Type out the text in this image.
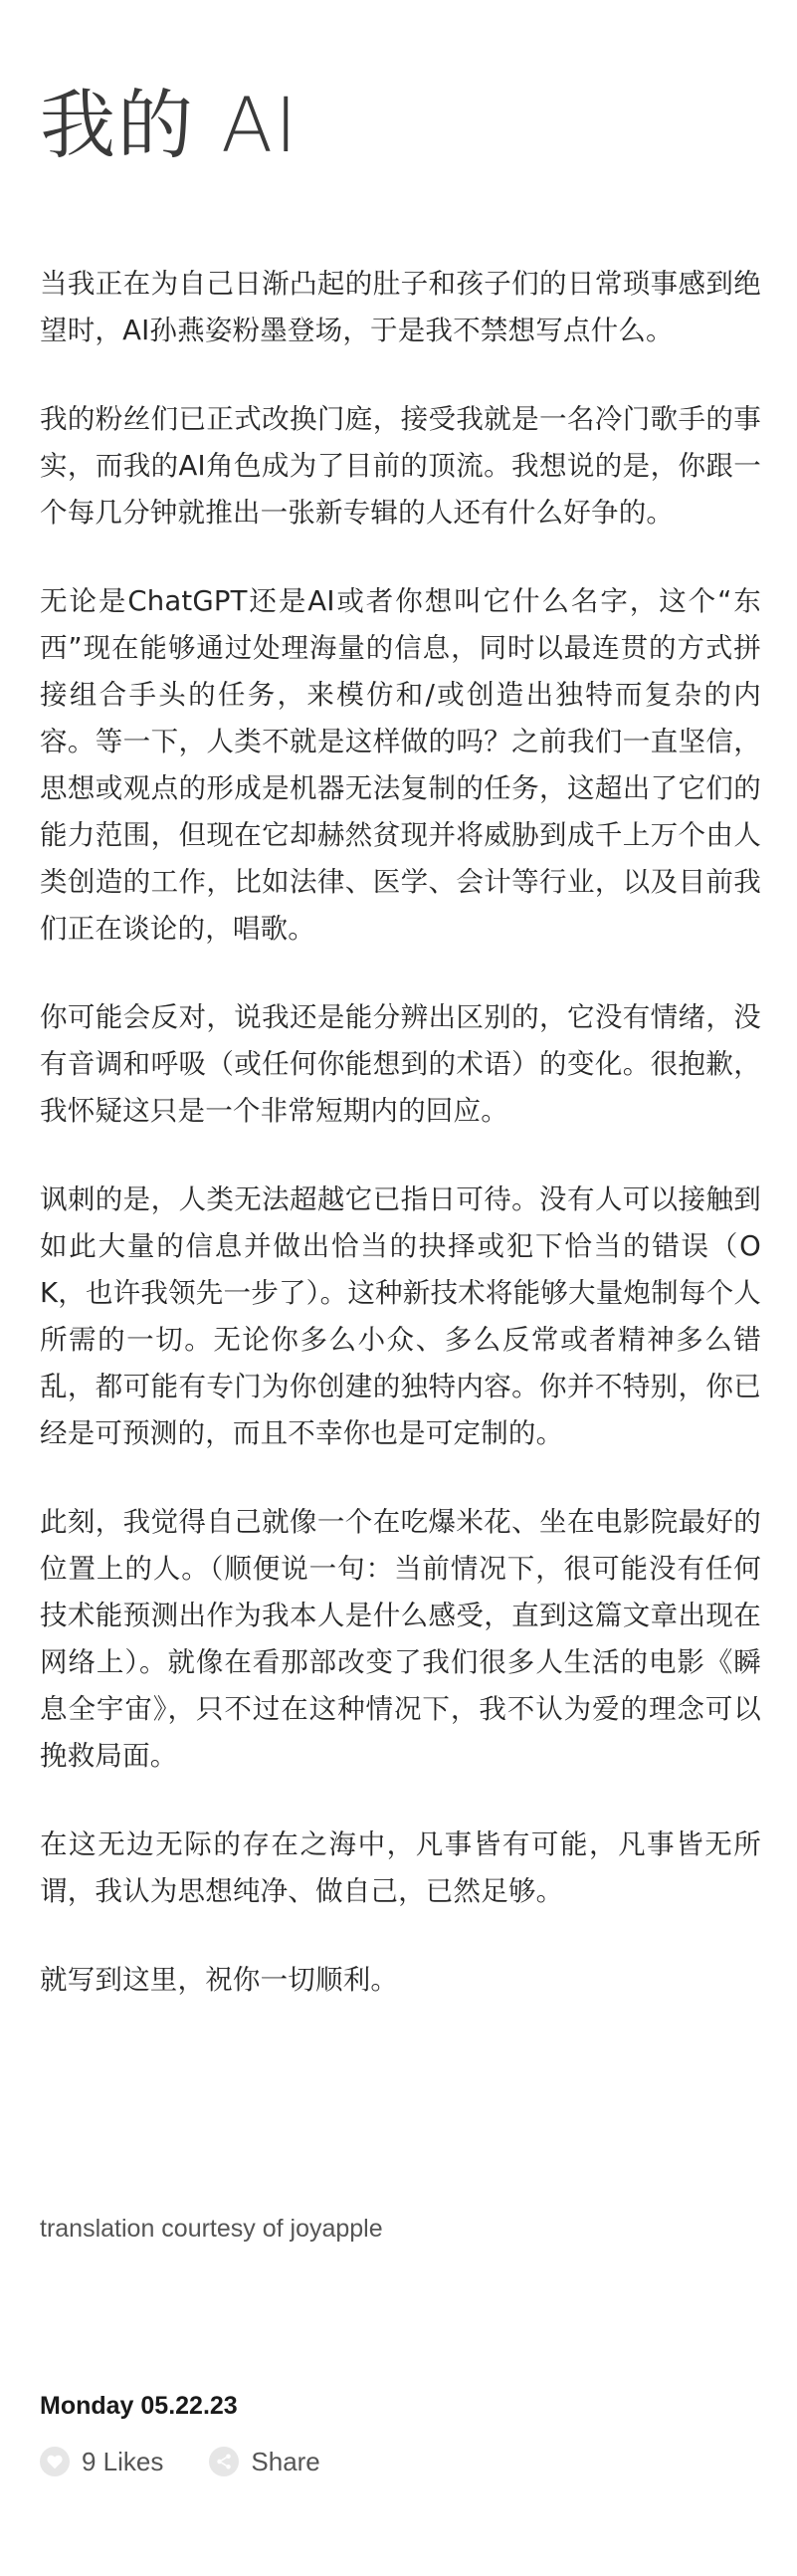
我的 AI

当我正在为自己日渐凸起的肚子和孩子们的日常琐事感到绝望时，AI孙燕姿粉墨登场，于是我不禁想写点什么。

我的粉丝们已正式改换门庭，接受我就是一名冷门歌手的事实，而我的AI角色成为了目前的顶流。我想说的是，你跟一个每几分钟就推出一张新专辑的人还有什么好争的。

无论是ChatGPT还是AI或者你想叫它什么名字，这个“东西”现在能够通过处理海量的信息，同时以最连贯的方式拼接组合手头的任务，来模仿和/或创造出独特而复杂的内容。等一下，人类不就是这样做的吗？之前我们一直坚信，思想或观点的形成是机器无法复制的任务，这超出了它们的能力范围，但现在它却赫然贫现并将威胁到成千上万个由人类创造的工作，比如法律、医学、会计等行业，以及目前我们正在谈论的，唱歌。

你可能会反对，说我还是能分辨出区别的，它没有情绪，没有音调和呼吸（或任何你能想到的术语）的变化。很抱歉，我怀疑这只是一个非常短期内的回应。

讽刺的是，人类无法超越它已指日可待。没有人可以接触到如此大量的信息并做出恰当的抉择或犯下恰当的错误（OK，也许我领先一步了）。这种新技术将能够大量炮制每个人所需的一切。无论你多么小众、多么反常或者精神多么错乱，都可能有专门为你创建的独特内容。你并不特别，你已经是可预测的，而且不幸你也是可定制的。

此刻，我觉得自己就像一个在吃爆米花、坐在电影院最好的位置上的人。（顺便说一句：当前情况下，很可能没有任何技术能预测出作为我本人是什么感受，直到这篇文章出现在网络上）。就像在看那部改变了我们很多人生活的电影《瞬息全宇宙》，只不过在这种情况下，我不认为爱的理念可以挽救局面。

在这无边无际的存在之海中，凡事皆有可能，凡事皆无所谓，我认为思想纯净、做自己，已然足够。

就写到这里，祝你一切顺利。

translation courtesy of joyapple

Monday 05.22.23

9 Likes	Share
